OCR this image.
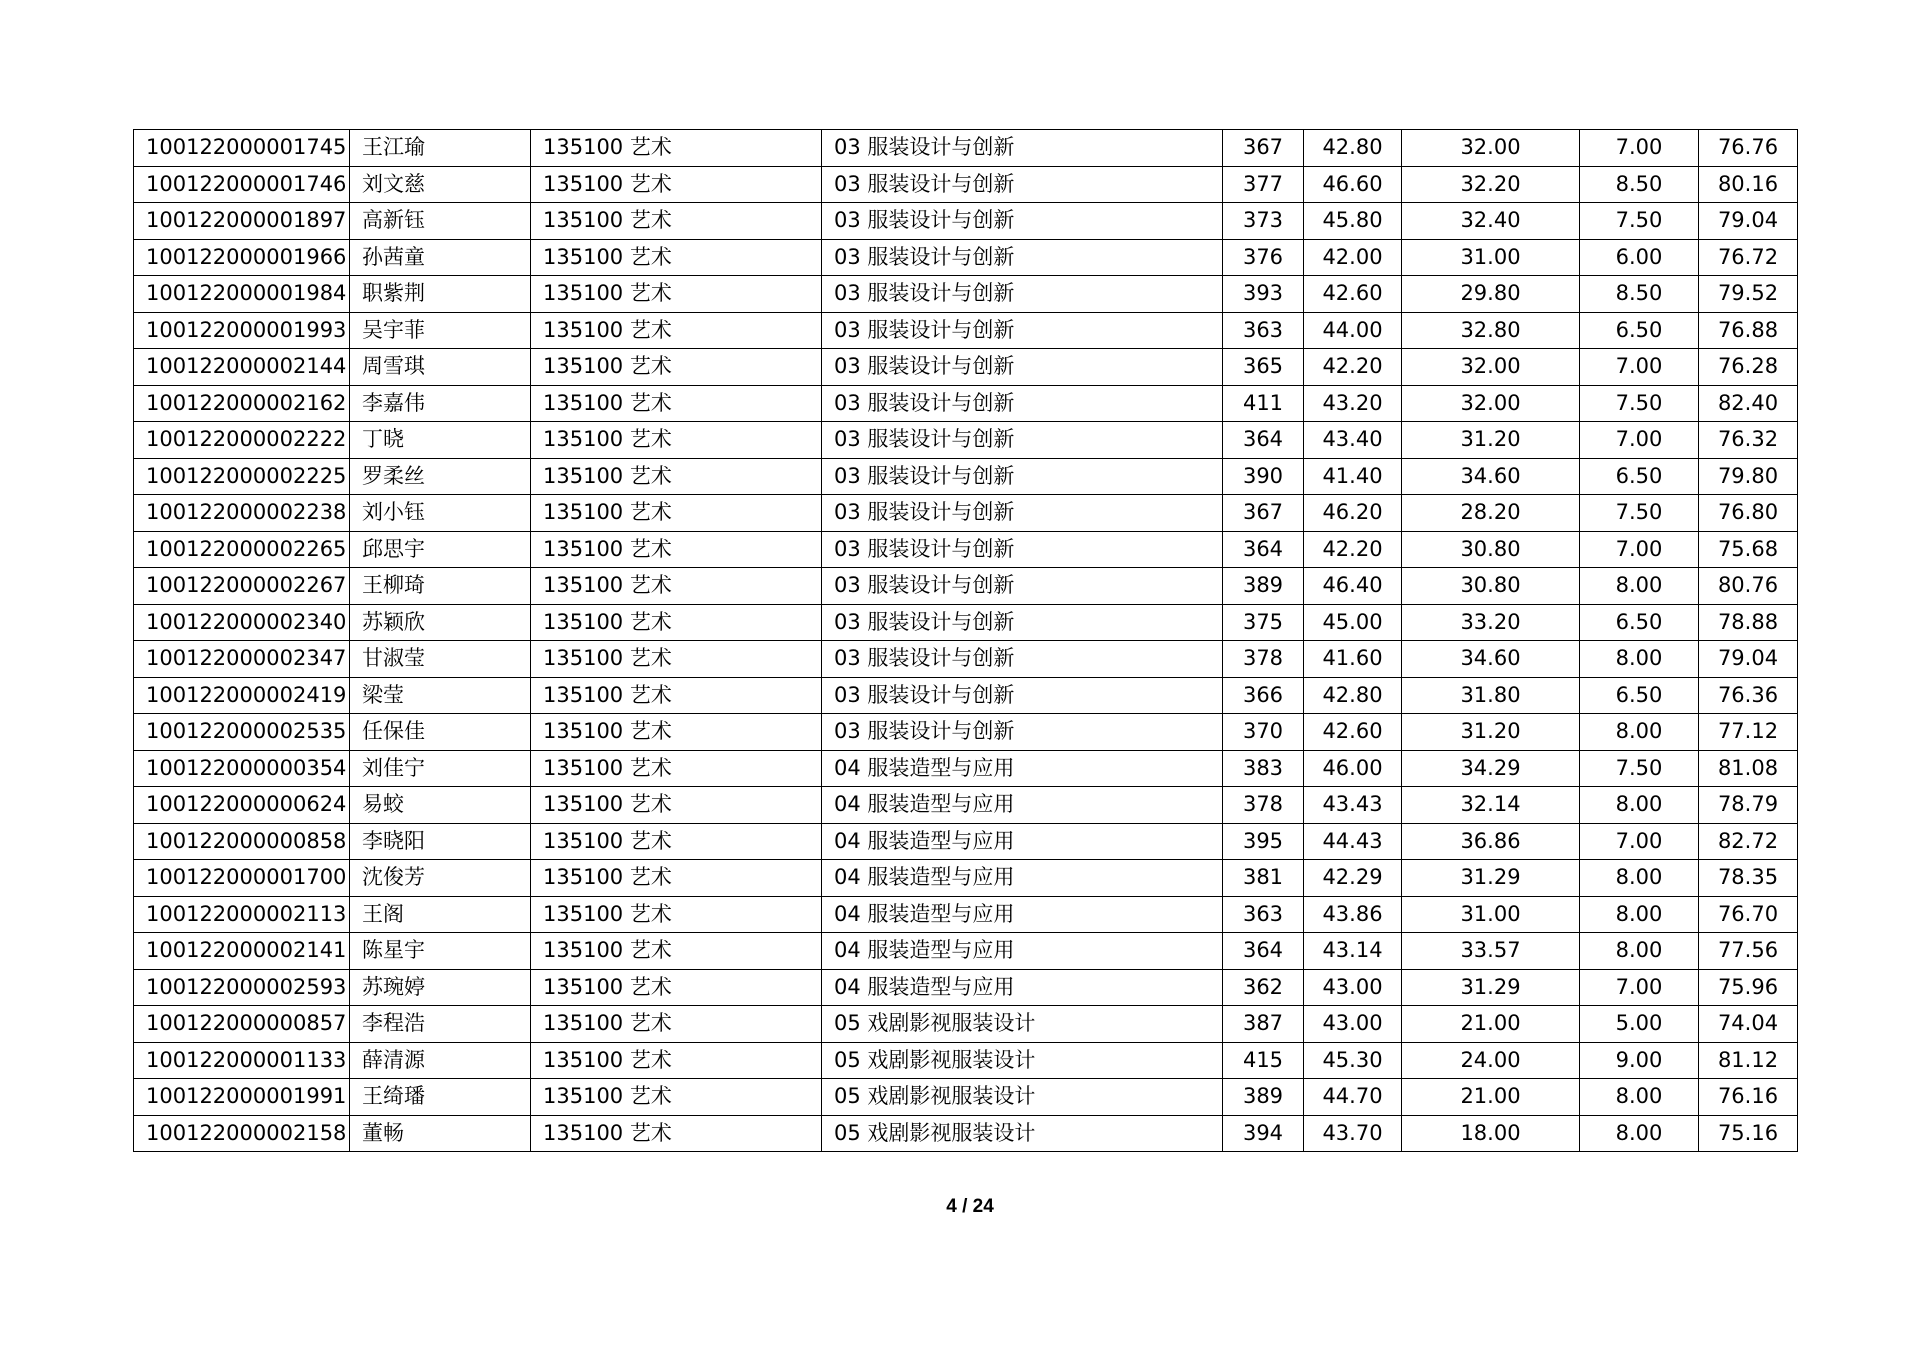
100122000001745	王江瑜	135100 艺术	03 服装设计与创新	367	42.80	32.00	7.00	76.76
100122000001746	刘文慈	135100 艺术	03 服装设计与创新	377	46.60	32.20	8.50	80.16
100122000001897	高新钰	135100 艺术	03 服装设计与创新	373	45.80	32.40	7.50	79.04
100122000001966	孙茜童	135100 艺术	03 服装设计与创新	376	42.00	31.00	6.00	76.72
100122000001984	职紫荆	135100 艺术	03 服装设计与创新	393	42.60	29.80	8.50	79.52
100122000001993	吴宇菲	135100 艺术	03 服装设计与创新	363	44.00	32.80	6.50	76.88
100122000002144	周雪琪	135100 艺术	03 服装设计与创新	365	42.20	32.00	7.00	76.28
100122000002162	李嘉伟	135100 艺术	03 服装设计与创新	411	43.20	32.00	7.50	82.40
100122000002222	丁晓	135100 艺术	03 服装设计与创新	364	43.40	31.20	7.00	76.32
100122000002225	罗柔丝	135100 艺术	03 服装设计与创新	390	41.40	34.60	6.50	79.80
100122000002238	刘小钰	135100 艺术	03 服装设计与创新	367	46.20	28.20	7.50	76.80
100122000002265	邱思宇	135100 艺术	03 服装设计与创新	364	42.20	30.80	7.00	75.68
100122000002267	王柳琦	135100 艺术	03 服装设计与创新	389	46.40	30.80	8.00	80.76
100122000002340	苏颖欣	135100 艺术	03 服装设计与创新	375	45.00	33.20	6.50	78.88
100122000002347	甘淑莹	135100 艺术	03 服装设计与创新	378	41.60	34.60	8.00	79.04
100122000002419	梁莹	135100 艺术	03 服装设计与创新	366	42.80	31.80	6.50	76.36
100122000002535	任保佳	135100 艺术	03 服装设计与创新	370	42.60	31.20	8.00	77.12
100122000000354	刘佳宁	135100 艺术	04 服装造型与应用	383	46.00	34.29	7.50	81.08
100122000000624	易蛟	135100 艺术	04 服装造型与应用	378	43.43	32.14	8.00	78.79
100122000000858	李晓阳	135100 艺术	04 服装造型与应用	395	44.43	36.86	7.00	82.72
100122000001700	沈俊芳	135100 艺术	04 服装造型与应用	381	42.29	31.29	8.00	78.35
100122000002113	王阁	135100 艺术	04 服装造型与应用	363	43.86	31.00	8.00	76.70
100122000002141	陈星宇	135100 艺术	04 服装造型与应用	364	43.14	33.57	8.00	77.56
100122000002593	苏琬婷	135100 艺术	04 服装造型与应用	362	43.00	31.29	7.00	75.96
100122000000857	李程浩	135100 艺术	05 戏剧影视服装设计	387	43.00	21.00	5.00	74.04
100122000001133	薛清源	135100 艺术	05 戏剧影视服装设计	415	45.30	24.00	9.00	81.12
100122000001991	王绮璠	135100 艺术	05 戏剧影视服装设计	389	44.70	21.00	8.00	76.16
100122000002158	董畅	135100 艺术	05 戏剧影视服装设计	394	43.70	18.00	8.00	75.16
4 / 24
